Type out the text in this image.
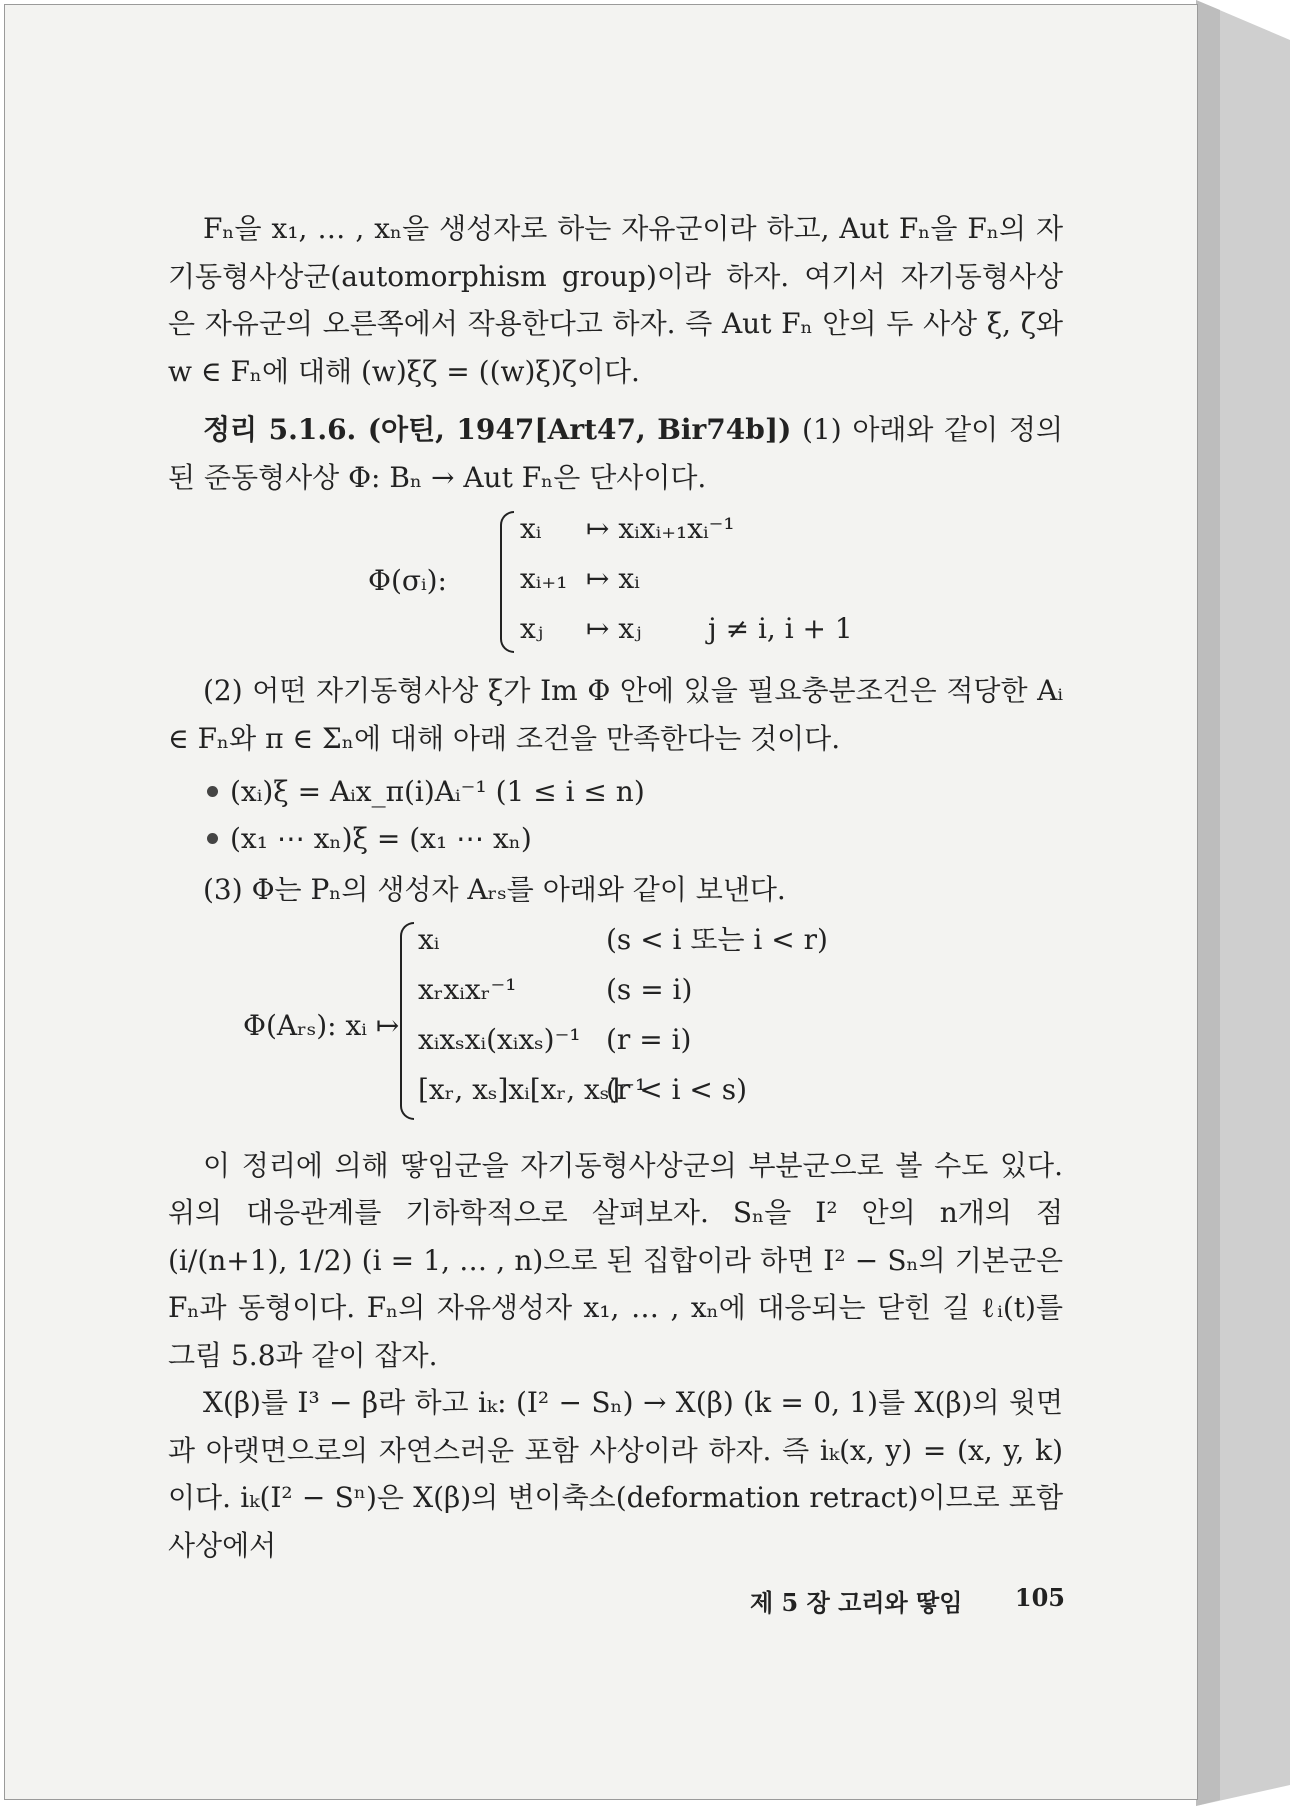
Fₙ을 x₁, … , xₙ을 생성자로 하는 자유군이라 하고, Aut Fₙ을 Fₙ의 자기동형사상군(automorphism group)이라 하자. 여기서 자기동형사상은 자유군의 오른쪽에서 작용한다고 하자. 즉 Aut Fₙ 안의 두 사상 ξ, ζ와 w ∈ Fₙ에 대해 (w)ξζ = ((w)ξ)ζ이다.

정리 5.1.6. (아틴, 1947[Art47, Bir74b]) (1) 아래와 같이 정의된 준동형사상 Φ: Bₙ → Aut Fₙ은 단사이다.

Φ(σᵢ):
xᵢ ↦ xᵢxᵢ₊₁xᵢ⁻¹
xᵢ₊₁ ↦ xᵢ
xⱼ ↦ xⱼ j ≠ i, i + 1

(2) 어떤 자기동형사상 ξ가 Im Φ 안에 있을 필요충분조건은 적당한 Aᵢ ∈ Fₙ와 π ∈ Σₙ에 대해 아래 조건을 만족한다는 것이다.

(xᵢ)ξ = Aᵢx_π(i)Aᵢ⁻¹ (1 ≤ i ≤ n)
(x₁ ⋯ xₙ)ξ = (x₁ ⋯ xₙ)

(3) Φ는 Pₙ의 생성자 Aᵣₛ를 아래와 같이 보낸다.

Φ(Aᵣₛ): xᵢ ↦
xᵢ	(s < i 또는 i < r)
xᵣxᵢxᵣ⁻¹	(s = i)
xᵢxₛxᵢ(xᵢxₛ)⁻¹ (r = i)
[xᵣ, xₛ]xᵢ[xᵣ, xₛ]⁻¹
(r < i < s)

이 정리에 의해 땋임군을 자기동형사상군의 부분군으로 볼 수도 있다. 위의 대응관계를 기하학적으로 살펴보자. Sₙ을 I² 안의 n개의 점 (i/(n+1), 1/2) (i = 1, … , n)으로 된 집합이라 하면 I² − Sₙ의 기본군은 Fₙ과 동형이다. Fₙ의 자유생성자 x₁, … , xₙ에 대응되는 닫힌 길 ℓᵢ(t)를 그림 5.8과 같이 잡자.

X(β)를 I³ − β라 하고 iₖ: (I² − Sₙ) → X(β) (k = 0, 1)를 X(β)의 윗면과 아랫면으로의 자연스러운 포함 사상이라 하자. 즉 iₖ(x, y) = (x, y, k)이다. iₖ(I² − Sⁿ)은 X(β)의 변이축소(deformation retract)이므로 포함사상에서

제 5 장 고리와 땋임 105
